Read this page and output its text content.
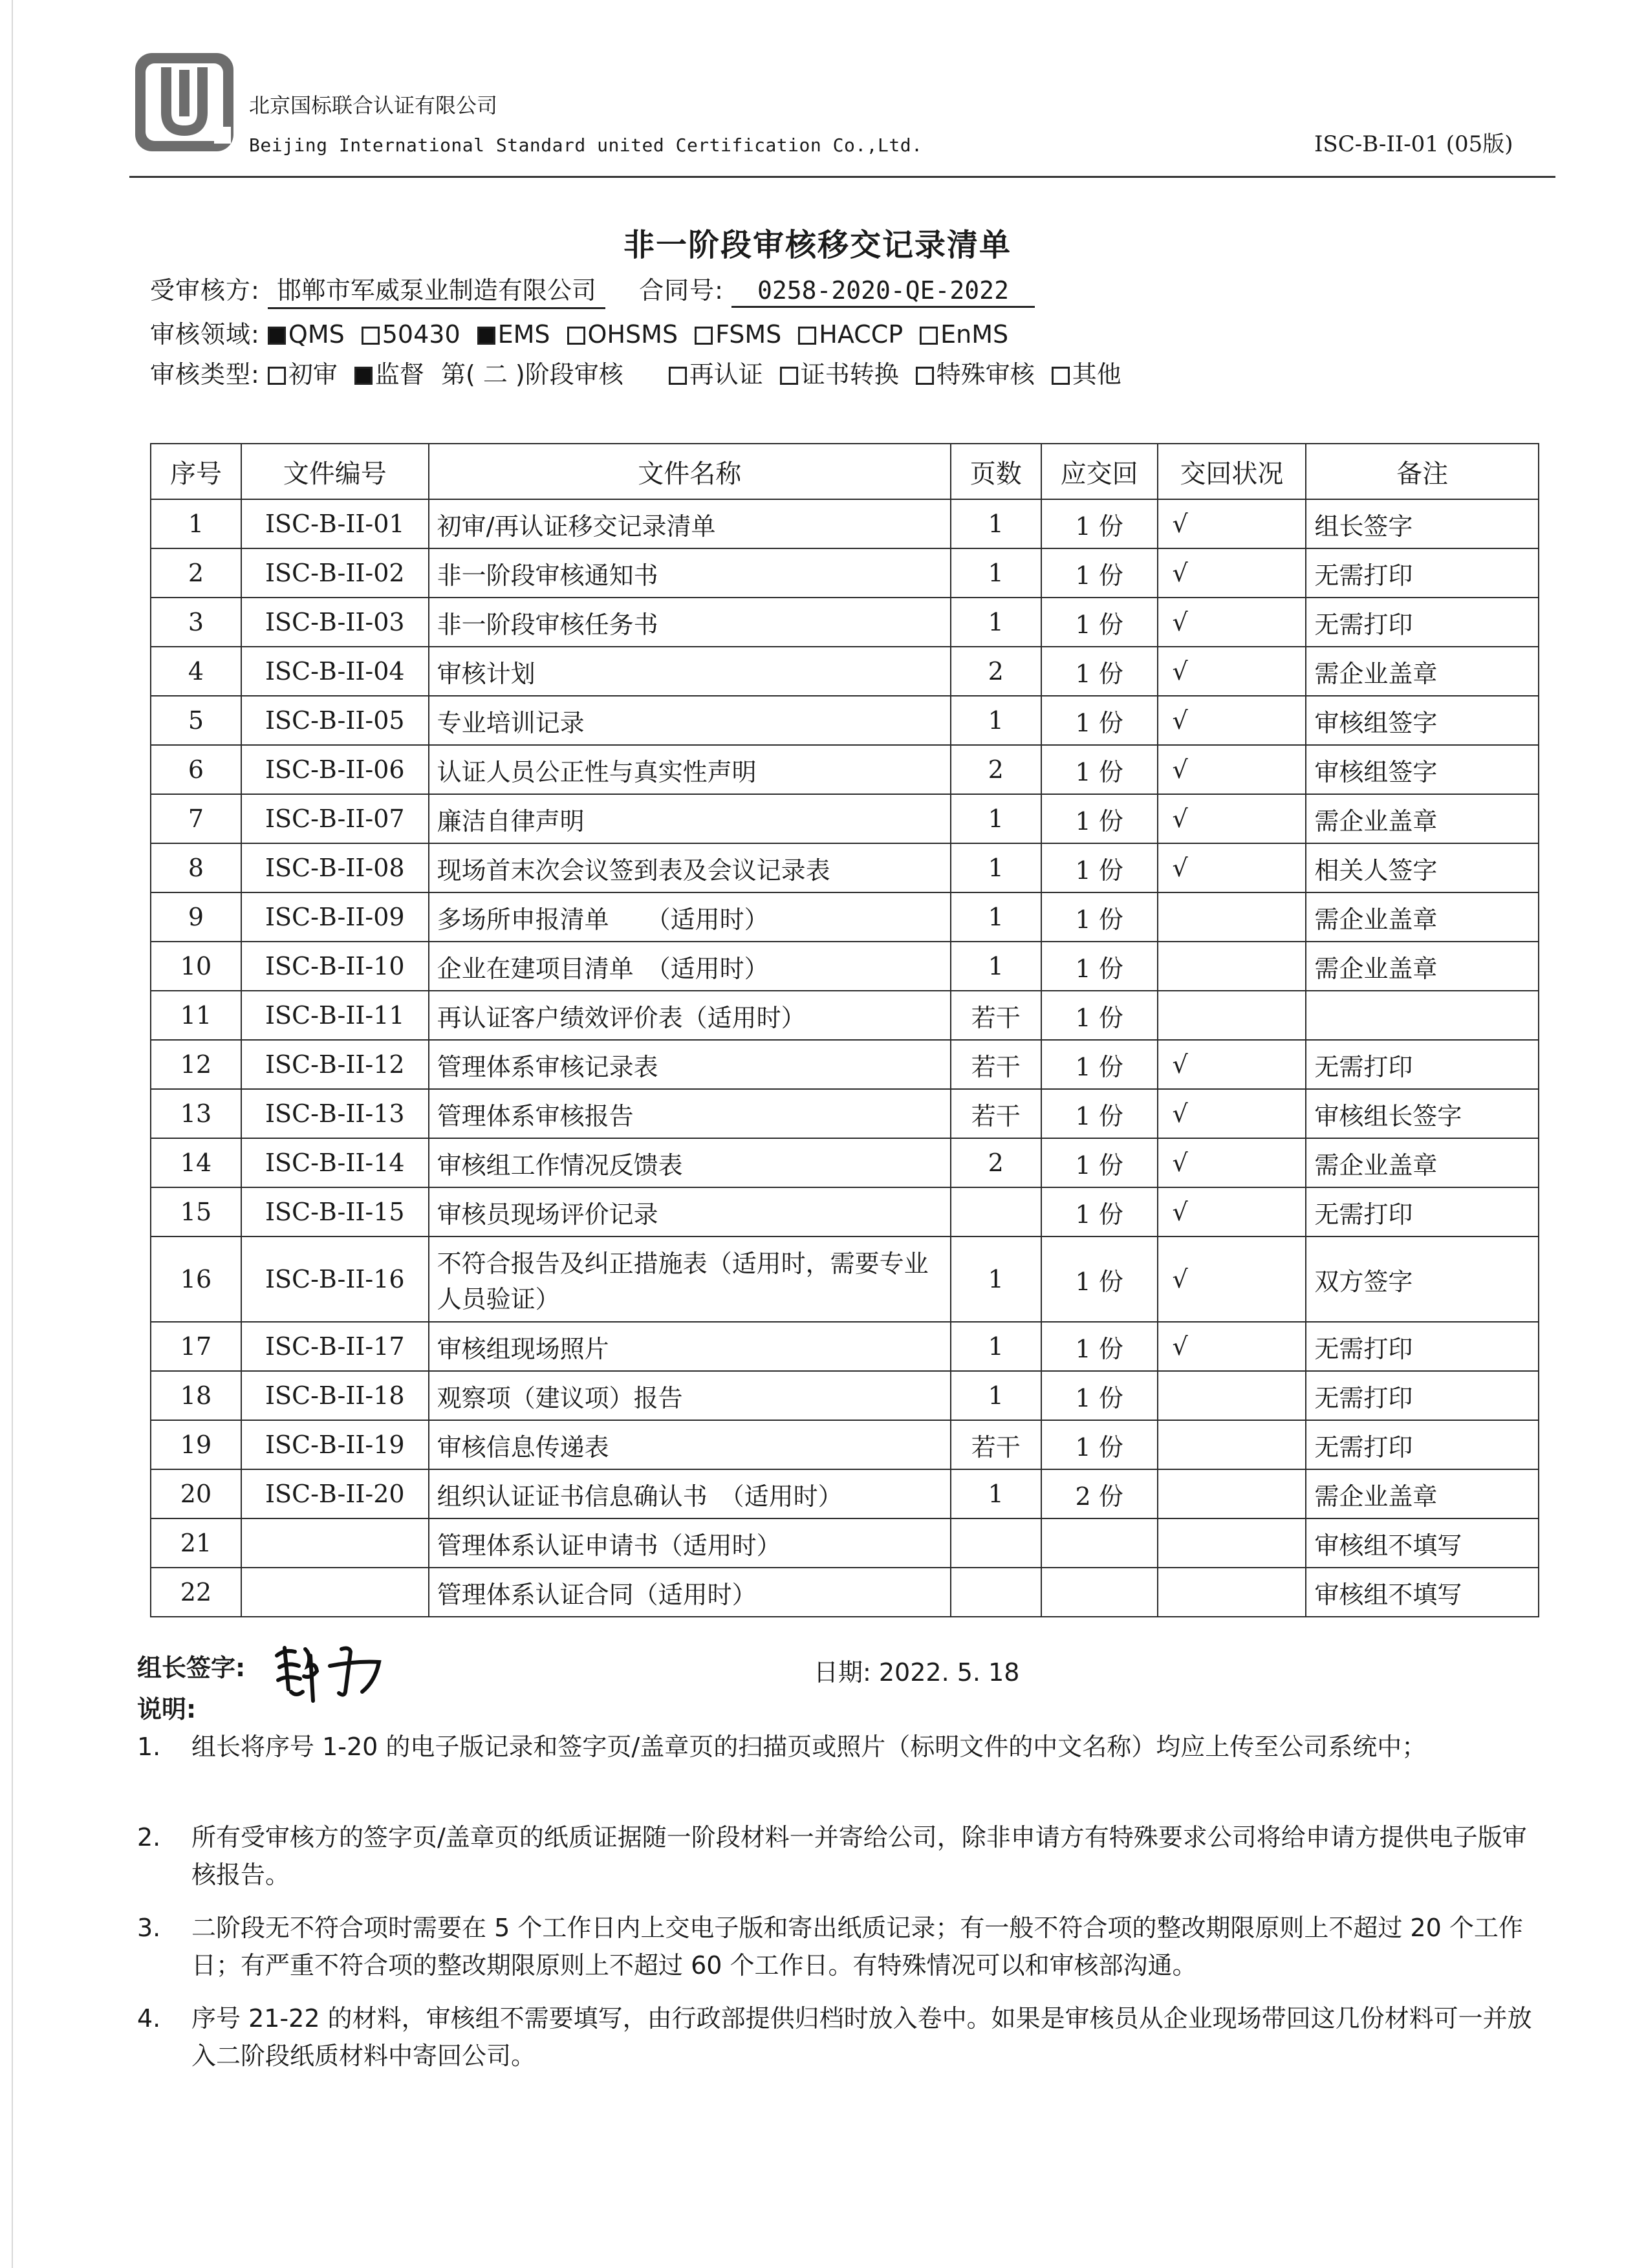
北京国标联合认证有限公司
Beijing International Standard united Certification Co.,Ltd.	ISC-B-II-01 (05版)
非一阶段审核移交记录清单
受审核方: 邯郸市军威泵业制造有限公司 合同号: 0258-2020-QE-2022
审核领域: QMS 50430 EMS OHSMS FSMS HACCP EnMS
审核类型: 初审 监督 第( 二 )阶段审核	再认证 证书转换 特殊审核 其他
序号	文件编号	文件名称	页数	应交回	交回状况	备注
1	ISC-B-II-01	初审/再认证移交记录清单	1	1 份	√	组长签字
2	ISC-B-II-02	非一阶段审核通知书	1	1 份	√	无需打印
3	ISC-B-II-03	非一阶段审核任务书	1	1 份	√	无需打印
4	ISC-B-II-04	审核计划	2	1 份	√	需企业盖章
5	ISC-B-II-05	专业培训记录	1	1 份	√	审核组签字
6	ISC-B-II-06	认证人员公正性与真实性声明	2	1 份	√	审核组签字
7	ISC-B-II-07	廉洁自律声明	1	1 份	√	需企业盖章
8	ISC-B-II-08	现场首末次会议签到表及会议记录表	1	1 份	√	相关人签字
9	ISC-B-II-09	多场所申报清单　　（适用时）	1	1 份		需企业盖章
10	ISC-B-II-10	企业在建项目清单　（适用时）	1	1 份		需企业盖章
11	ISC-B-II-11	再认证客户绩效评价表（适用时）	若干	1 份		
12	ISC-B-II-12	管理体系审核记录表	若干	1 份	√	无需打印
13	ISC-B-II-13	管理体系审核报告	若干	1 份	√	审核组长签字
14	ISC-B-II-14	审核组工作情况反馈表	2	1 份	√	需企业盖章
15	ISC-B-II-15	审核员现场评价记录		1 份	√	无需打印
16	ISC-B-II-16	不符合报告及纠正措施表（适用时，需要专业人员验证）	1	1 份	√	双方签字
17	ISC-B-II-17	审核组现场照片	1	1 份	√	无需打印
18	ISC-B-II-18	观察项（建议项）报告	1	1 份		无需打印
19	ISC-B-II-19	审核信息传递表	若干	1 份		无需打印
20	ISC-B-II-20	组织认证证书信息确认书　（适用时）	1	2 份		需企业盖章
21		管理体系认证申请书（适用时）				审核组不填写
22		管理体系认证合同（适用时）				审核组不填写
组长签字:	日期: 2022. 5. 18
说明:
1.	组长将序号 1-20 的电子版记录和签字页/盖章页的扫描页或照片（标明文件的中文名称）均应上传至公司系统中；
2.	所有受审核方的签字页/盖章页的纸质证据随一阶段材料一并寄给公司，除非申请方有特殊要求公司将给申请方提供电子版审核报告。
3.	二阶段无不符合项时需要在 5 个工作日内上交电子版和寄出纸质记录；有一般不符合项的整改期限原则上不超过 20 个工作日；有严重不符合项的整改期限原则上不超过 60 个工作日。有特殊情况可以和审核部沟通。
4.	序号 21-22 的材料，审核组不需要填写，由行政部提供归档时放入卷中。如果是审核员从企业现场带回这几份材料可一并放入二阶段纸质材料中寄回公司。
